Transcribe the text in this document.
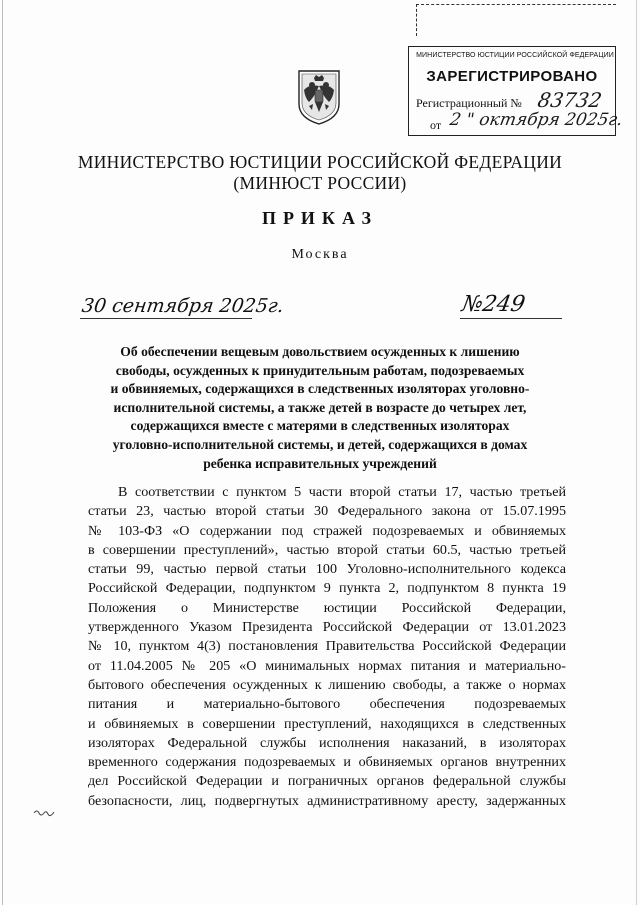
МИНИСТЕРСТВО ЮСТИЦИИ РОССИЙСКОЙ ФЕДЕРАЦИИ
ЗАРЕГИСТРИРОВАНО
Регистрационный № 83732
от 2 " октября 2025г.
МИНИСТЕРСТВО ЮСТИЦИИ РОССИЙСКОЙ ФЕДЕРАЦИИ
(МИНЮСТ РОССИИ)
ПРИКАЗ
Москва
30 сентября 2025г.	№249
Об обеспечении вещевым довольствием осужденных к лишению
свободы, осужденных к принудительным работам, подозреваемых
и обвиняемых, содержащихся в следственных изоляторах уголовно-
исполнительной системы, а также детей в возрасте до четырех лет,
содержащихся вместе с матерями в следственных изоляторах
уголовно-исполнительной системы, и детей, содержащихся в домах
ребенка исправительных учреждений
В соответствии с пунктом 5 части второй статьи 17, частью третьей
статьи 23, частью второй статьи 30 Федерального закона от 15.07.1995
№ 103-ФЗ «О содержании под стражей подозреваемых и обвиняемых
в совершении преступлений», частью второй статьи 60.5, частью третьей
статьи 99, частью первой статьи 100 Уголовно-исполнительного кодекса
Российской Федерации, подпунктом 9 пункта 2, подпунктом 8 пункта 19
Положения о Министерстве юстиции Российской Федерации,
утвержденного Указом Президента Российской Федерации от 13.01.2023
№ 10, пунктом 4(3) постановления Правительства Российской Федерации
от 11.04.2005 № 205 «О минимальных нормах питания и материально-
бытового обеспечения осужденных к лишению свободы, а также о нормах
питания и материально-бытового обеспечения подозреваемых
и обвиняемых в совершении преступлений, находящихся в следственных
изоляторах Федеральной службы исполнения наказаний, в изоляторах
временного содержания подозреваемых и обвиняемых органов внутренних
дел Российской Федерации и пограничных органов федеральной службы
безопасности, лиц, подвергнутых административному аресту, задержанных
